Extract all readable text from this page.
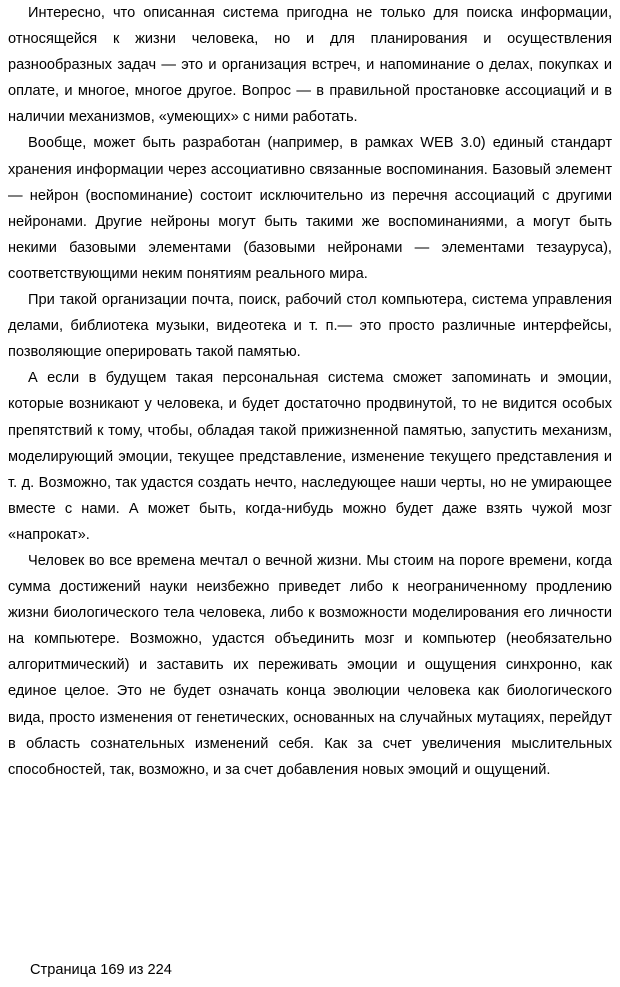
Интересно, что описанная система пригодна не только для поиска информации, относящейся к жизни человека, но и для планирования и осуществления разнообразных задач — это и организация встреч, и напоминание о делах, покупках и оплате, и многое, многое другое. Вопрос — в правильной простановке ассоциаций и в наличии механизмов, «умеющих» с ними работать.

Вообще, может быть разработан (например, в рамках WEB 3.0) единый стандарт хранения информации через ассоциативно связанные воспоминания. Базовый элемент — нейрон (воспоминание) состоит исключительно из перечня ассоциаций с другими нейронами. Другие нейроны могут быть такими же воспоминаниями, а могут быть некими базовыми элементами (базовыми нейронами — элементами тезауруса), соответствующими неким понятиям реального мира.

При такой организации почта, поиск, рабочий стол компьютера, система управления делами, библиотека музыки, видеотека и т. п.— это просто различные интерфейсы, позволяющие оперировать такой памятью.

А если в будущем такая персональная система сможет запоминать и эмоции, которые возникают у человека, и будет достаточно продвинутой, то не видится особых препятствий к тому, чтобы, обладая такой прижизненной памятью, запустить механизм, моделирующий эмоции, текущее представление, изменение текущего представления и т. д. Возможно, так удастся создать нечто, наследующее наши черты, но не умирающее вместе с нами. А может быть, когда-нибудь можно будет даже взять чужой мозг «напрокат».

Человек во все времена мечтал о вечной жизни. Мы стоим на пороге времени, когда сумма достижений науки неизбежно приведет либо к неограниченному продлению жизни биологического тела человека, либо к возможности моделирования его личности на компьютере. Возможно, удастся объединить мозг и компьютер (необязательно алгоритмический) и заставить их переживать эмоции и ощущения синхронно, как единое целое. Это не будет означать конца эволюции человека как биологического вида, просто изменения от генетических, основанных на случайных мутациях, перейдут в область сознательных изменений себя. Как за счет увеличения мыслительных способностей, так, возможно, и за счет добавления новых эмоций и ощущений.

Страница 169 из 224
